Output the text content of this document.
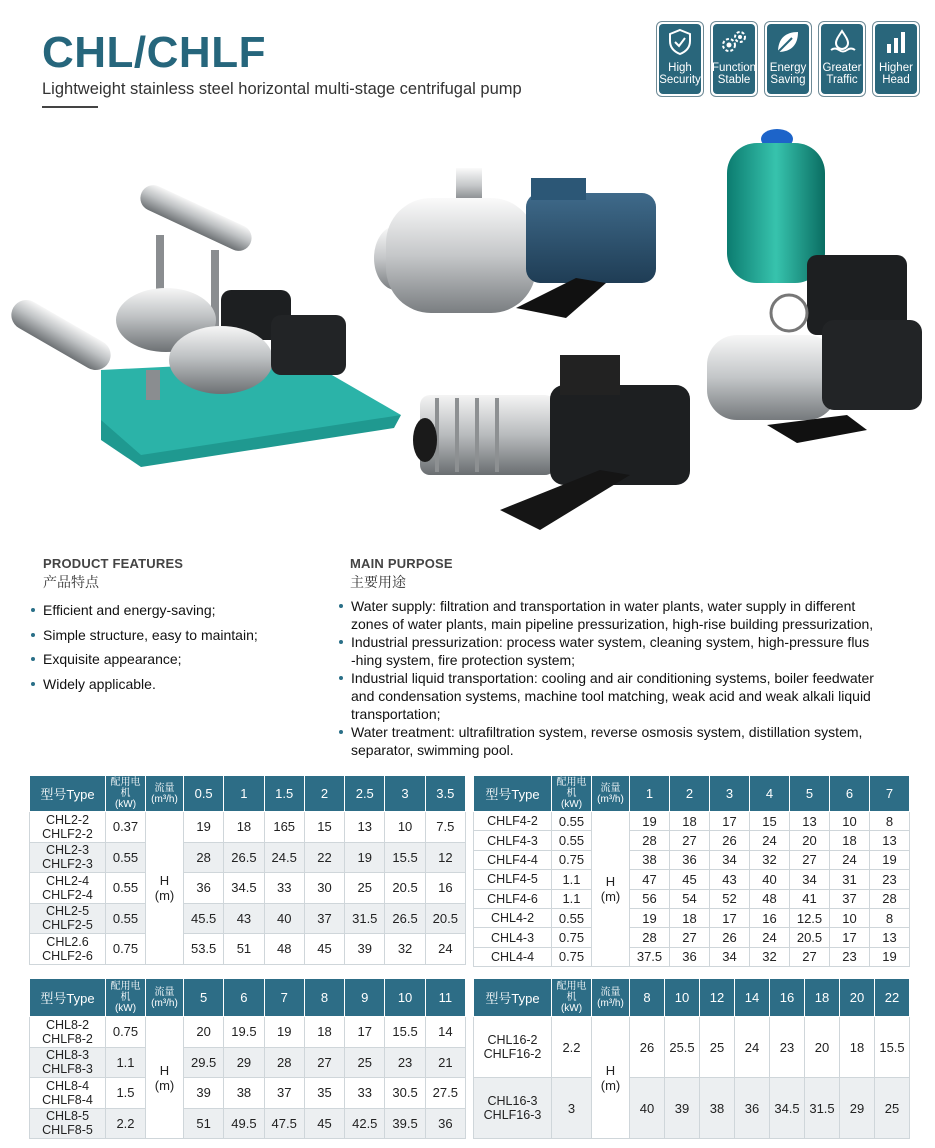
CHL/CHLF
Lightweight stainless steel horizontal multi-stage centrifugal pump
High
Security
Function
Stable
Energy
Saving
Greater
Traffic
Higher
Head
PRODUCT FEATURES
产品特点
MAIN PURPOSE
主要用途
Efficient and energy-saving;
Simple structure, easy to maintain;
Exquisite appearance;
Widely applicable.
Water supply: filtration and transportation in water plants, water supply in different
zones of water plants, main pipeline pressurization, high-rise building pressurization,
Industrial pressurization: process water system, cleaning system, high-pressure flus
-hing system, fire protection system;
Industrial liquid transportation: cooling and air conditioning systems, boiler feedwater
and condensation systems, machine tool matching, weak acid and weak alkali liquid
transportation;
Water treatment: ultrafiltration system, reverse osmosis system, distillation system,
separator, swimming pool.
型号Type	配用电机
(kW)	流量
(m³/h)	0.5	1	1.5	2	2.5	3	3.5
CHL2-2
CHLF2-2	0.37	H
(m)	19	18	165	15	13	10	7.5
CHL2-3
CHLF2-3	0.55		28	26.5	24.5	22	19	15.5	12
CHL2-4
CHLF2-4	0.55		36	34.5	33	30	25	20.5	16
CHL2-5
CHLF2-5	0.55		45.5	43	40	37	31.5	26.5	20.5
CHL2.6
CHLF2-6	0.75		53.5	51	48	45	39	32	24
型号Type	配用电机
(kW)	流量
(m³/h)	1	2	3	4	5	6	7
CHLF4-2	0.55	H
(m)	19	18	17	15	13	10	8
CHLF4-3	0.55		28	27	26	24	20	18	13
CHLF4-4	0.75		38	36	34	32	27	24	19
CHLF4-5	1.1		47	45	43	40	34	31	23
CHLF4-6	1.1		56	54	52	48	41	37	28
CHL4-2	0.55		19	18	17	16	12.5	10	8
CHL4-3	0.75		28	27	26	24	20.5	17	13
CHL4-4	0.75		37.5	36	34	32	27	23	19
型号Type	配用电机
(kW)	流量
(m³/h)	5	6	7	8	9	10	11
CHL8-2
CHLF8-2	0.75	H
(m)	20	19.5	19	18	17	15.5	14
CHL8-3
CHLF8-3	1.1		29.5	29	28	27	25	23	21
CHL8-4
CHLF8-4	1.5		39	38	37	35	33	30.5	27.5
CHL8-5
CHLF8-5	2.2		51	49.5	47.5	45	42.5	39.5	36
型号Type	配用电机
(kW)	流量
(m³/h)	8	10	12	14	16	18	20	22
CHL16-2
CHLF16-2	2.2	H
(m)	26	25.5	25	24	23	20	18	15.5
CHL16-3
CHLF16-3	3		40	39	38	36	34.5	31.5	29	25
